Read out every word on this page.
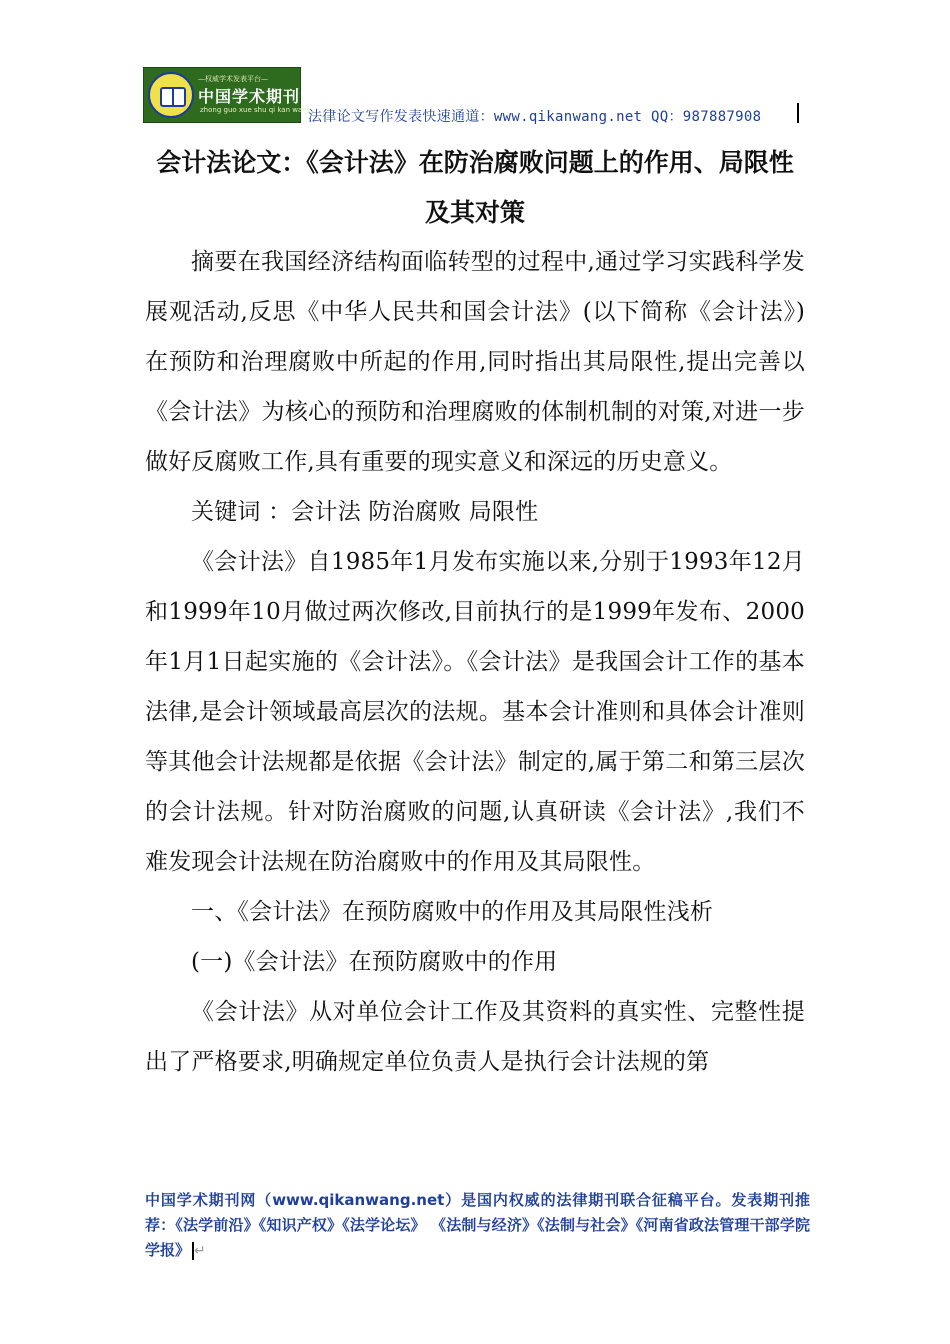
—权威学术发表平台—
中国学术期刊网
zhong guo xue shu qi kan wang
法律论文写作发表快速通道：www.qikanwang.net QQ：987887908
会计法论文：《会计法》在防治腐败问题上的作用、局限性及其对策

摘要在我国经济结构面临转型的过程中,通过学习实践科学发展观活动,反思《中华人民共和国会计法》(以下简称《会计法》)在预防和治理腐败中所起的作用,同时指出其局限性,提出完善以《会计法》为核心的预防和治理腐败的体制机制的对策,对进一步做好反腐败工作,具有重要的现实意义和深远的历史意义。

关键词 ：会计法 防治腐败 局限性

《会计法》自1985年1月发布实施以来,分别于1993年12月和1999年10月做过两次修改,目前执行的是1999年发布、2000年1月1日起实施的《会计法》。《会计法》是我国会计工作的基本法律,是会计领域最高层次的法规。基本会计准则和具体会计准则等其他会计法规都是依据《会计法》制定的,属于第二和第三层次的会计法规。针对防治腐败的问题,认真研读《会计法》,我们不难发现会计法规在防治腐败中的作用及其局限性。

一、《会计法》在预防腐败中的作用及其局限性浅析

(一)《会计法》在预防腐败中的作用

《会计法》从对单位会计工作及其资料的真实性、完整性提出了严格要求,明确规定单位负责人是执行会计法规的第

中国学术期刊网（www.qikanwang.net）是国内权威的法律期刊联合征稿平台。发表期刊推荐：《法学前沿》《知识产权》《法学论坛》 《法制与经济》《法制与社会》《河南省政法管理干部学院学报》 ↵
